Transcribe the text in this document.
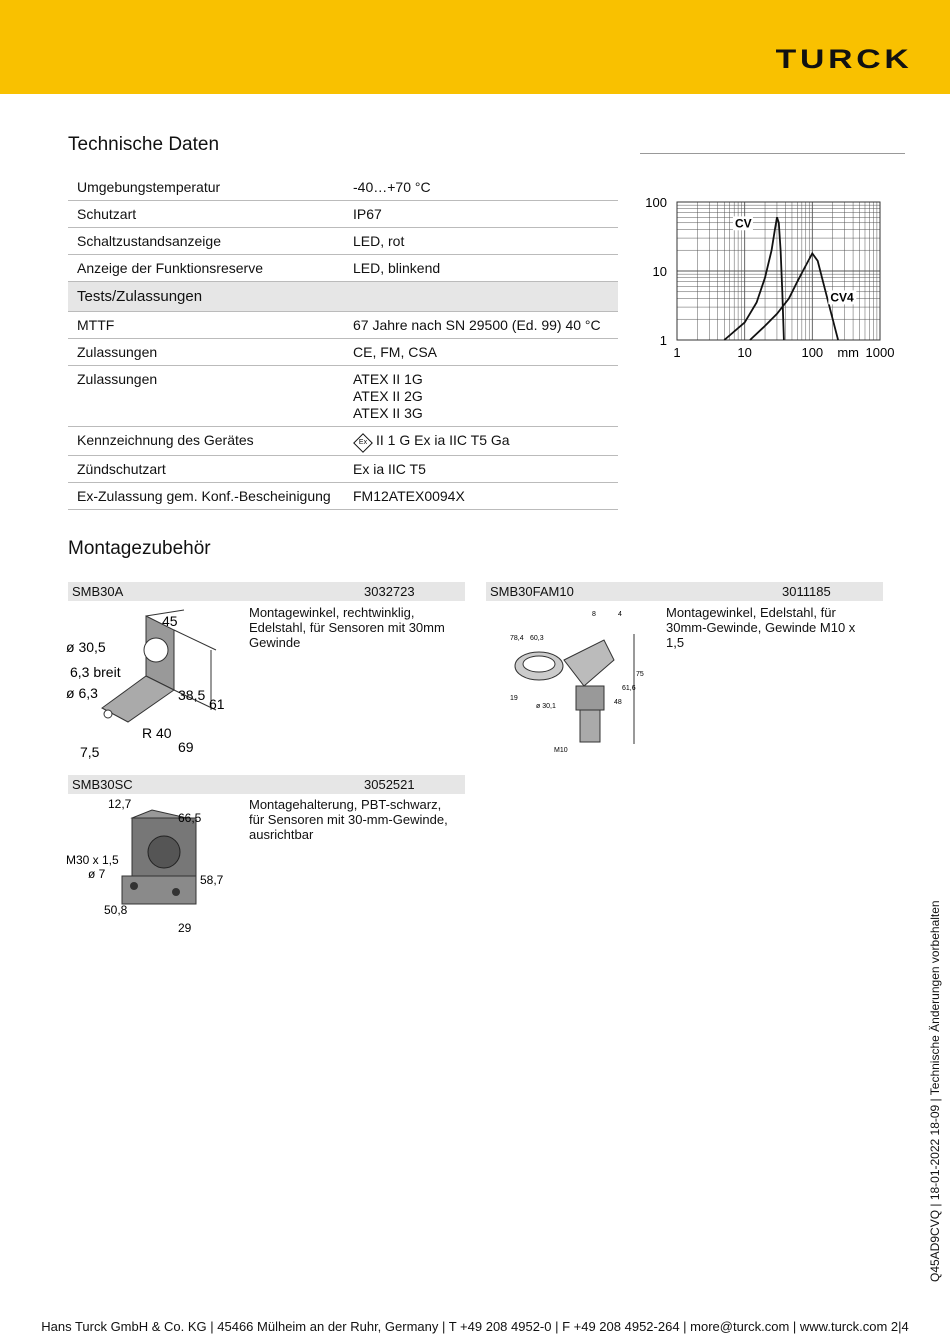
TURCK
Technische Daten
Umgebungstemperatur	-40…+70 °C
Schutzart	IP67
Schaltzustandsanzeige	LED, rot
Anzeige der Funktionsreserve	LED, blinkend
Tests/Zulassungen	
MTTF	67 Jahre nach SN 29500 (Ed. 99) 40 °C
Zulassungen	CE, FM, CSA
Zulassungen	ATEX II 1G
ATEX II 2G
ATEX II 3G

Kennzeichnung des Gerätes	Ex II 1 G Ex ia IIC T5 Ga
Zündschutzart	Ex ia IIC T5
Ex-Zulassung gem. Konf.-Bescheinigung	FM12ATEX0094X
1	10	100	1000
mm
1
10
100
CV
CV4
Montagezubehör
SMB30A	3032723
Montagewinkel, rechtwinklig, Edelstahl, für Sensoren mit 30mm Gewinde
45
ø 30,5
6,3 breit
ø 6,3	38,5
61
R 40
7,5	69
SMB30FAM10	3011185
Montagewinkel, Edelstahl, für 30mm-Gewinde, Gewinde M10 x 1,5
8	4
78,4 60,3
75
61,6
48
19
ø 30,1
M10
SMB30SC	3052521
Montagehalterung, PBT-schwarz, für Sensoren mit 30-mm-Gewinde, ausrichtbar
12,7
66,5
M30 x 1,5
ø 7	58,7
50,8
29	Q45AD9CVQ | 18-01-2022 18-09 | Technische Änderungen vorbehalten
Hans Turck GmbH & Co. KG | 45466 Mülheim an der Ruhr, Germany | T +49 208 4952-0 | F +49 208 4952-264 | more@turck.com | www.turck.com 2|4
